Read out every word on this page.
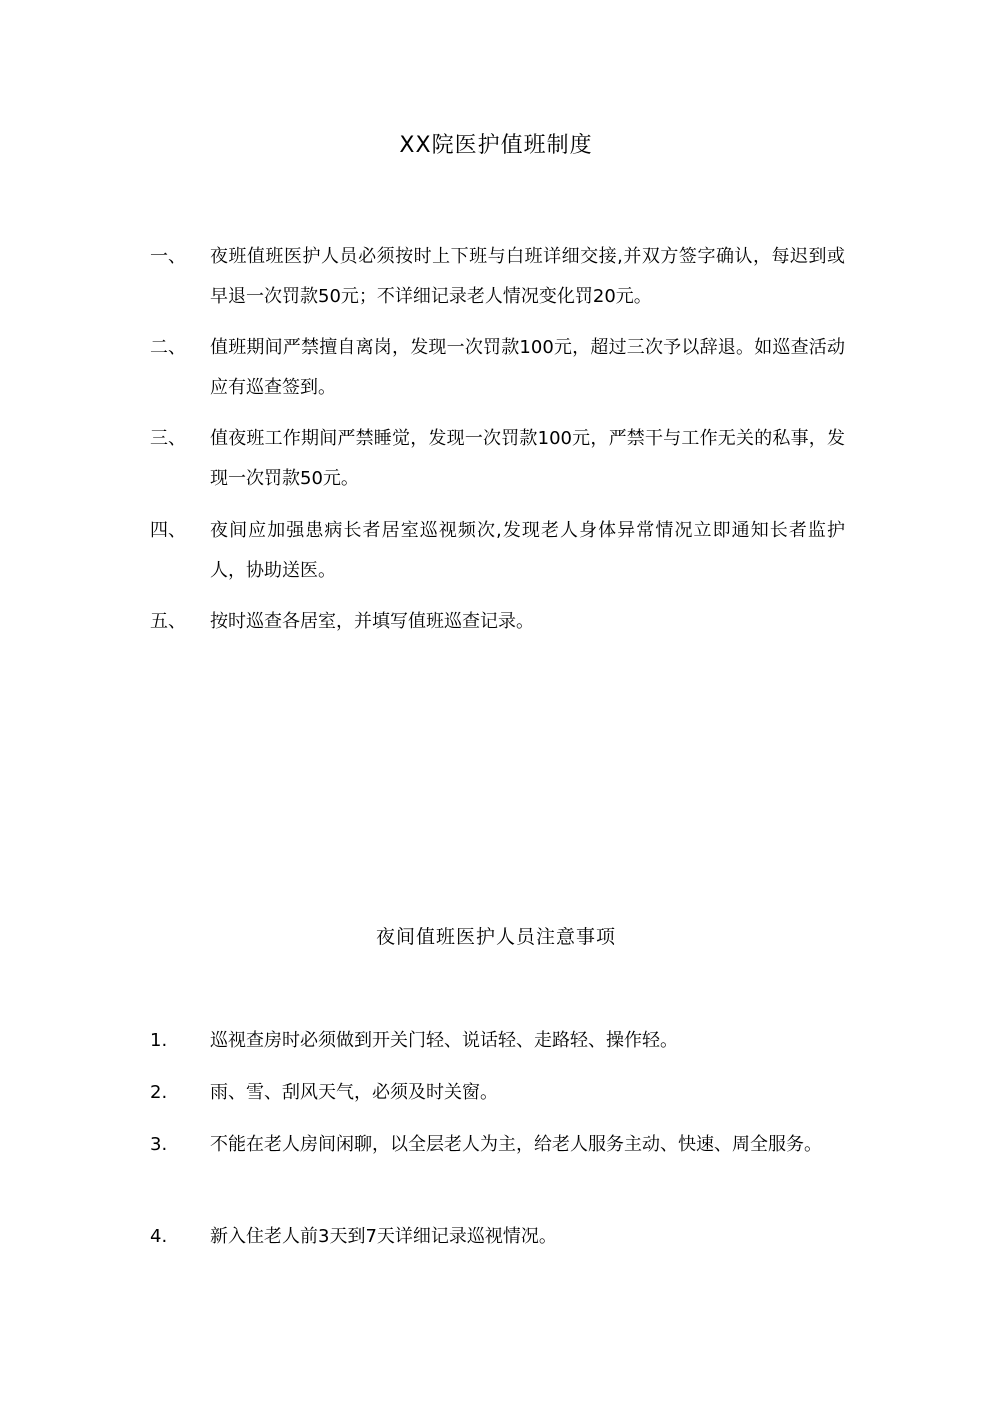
XX院医护值班制度
一、	夜班值班医护人员必须按时上下班与白班详细交接,并双方签字确认，每迟到或早退一次罚款50元；不详细记录老人情况变化罚20元。
二、	值班期间严禁擅自离岗，发现一次罚款100元，超过三次予以辞退。如巡查活动应有巡查签到。
三、	值夜班工作期间严禁睡觉，发现一次罚款100元，严禁干与工作无关的私事，发现一次罚款50元。
四、	夜间应加强患病长者居室巡视频次,发现老人身体异常情况立即通知长者监护人，协助送医。
五、	按时巡查各居室，并填写值班巡查记录。
夜间值班医护人员注意事项
1.	巡视查房时必须做到开关门轻、说话轻、走路轻、操作轻。
2.	雨、雪、刮风天气，必须及时关窗。
3.	不能在老人房间闲聊，以全层老人为主，给老人服务主动、快速、周全服务。
4.	新入住老人前3天到7天详细记录巡视情况。
